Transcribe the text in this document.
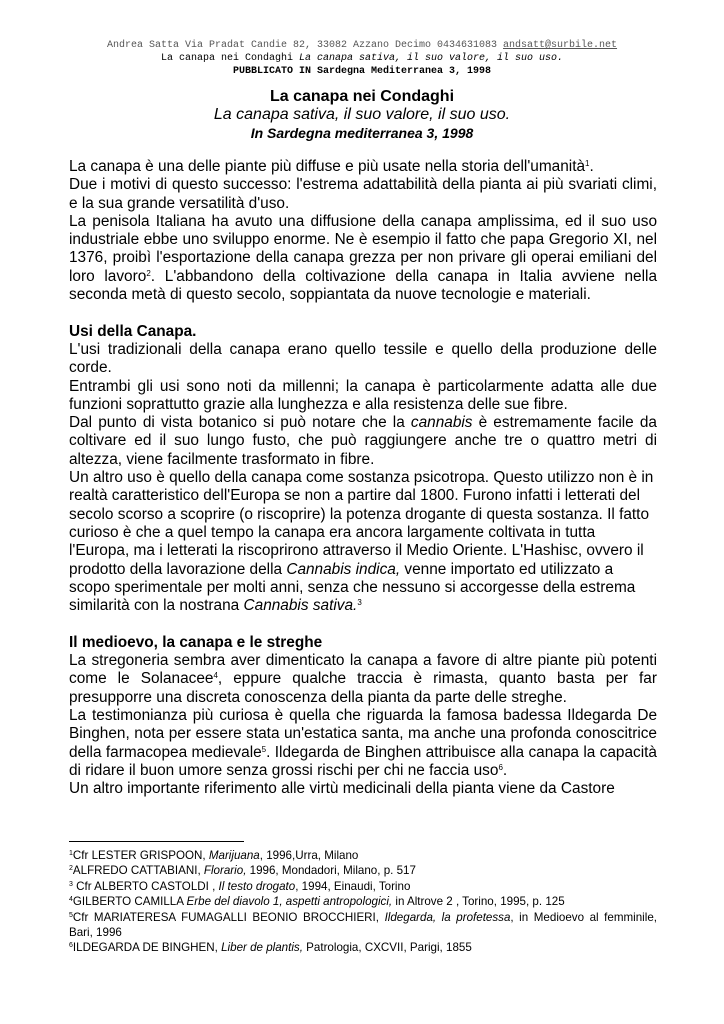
Andrea Satta Via Pradat Candie 82, 33082 Azzano Decimo 0434631083 andsatt@surbile.net
La canapa nei Condaghi La canapa sativa, il suo valore, il suo uso.
PUBBLICATO IN Sardegna Mediterranea 3, 1998
La canapa nei Condaghi
La canapa sativa, il suo valore, il suo uso.
In Sardegna mediterranea 3, 1998

La canapa è una delle piante più diffuse e più usate nella storia dell'umanità$^1$.

Due i motivi di questo successo: l'estrema adattabilità della pianta ai più svariati climi, e la sua grande versatilità d'uso.

La penisola Italiana ha avuto una diffusione della canapa amplissima, ed il suo uso industriale ebbe uno sviluppo enorme. Ne è esempio il fatto che papa Gregorio XI, nel 1376, proibì l'esportazione della canapa grezza per non privare gli operai emiliani del loro lavoro$^2$. L'abbandono della coltivazione della canapa in Italia avviene nella seconda metà di questo secolo, soppiantata da nuove tecnologie e materiali.

Usi della Canapa.

L'usi tradizionali della canapa erano quello tessile e quello della produzione delle corde.

Entrambi gli usi sono noti da millenni; la canapa è particolarmente adatta alle due funzioni soprattutto grazie alla lunghezza e alla resistenza delle sue fibre.

Dal punto di vista botanico si può notare che la cannabis è estremamente facile da coltivare ed il suo lungo fusto, che può raggiungere anche tre o quattro metri di altezza, viene facilmente trasformato in fibre.

Un altro uso è quello della canapa come sostanza psicotropa. Questo utilizzo non è in realtà caratteristico dell'Europa se non a partire dal 1800. Furono infatti i letterati del secolo scorso a scoprire (o riscoprire) la potenza drogante di questa sostanza. Il fatto curioso è che a quel tempo la canapa era ancora largamente coltivata in tutta l'Europa, ma i letterati la riscoprirono attraverso il Medio Oriente. L'Hashisc, ovvero il prodotto della lavorazione della Cannabis indica, venne importato ed utilizzato a scopo sperimentale per molti anni, senza che nessuno si accorgesse della estrema similarità con la nostrana Cannabis sativa.$^3$

Il medioevo, la canapa e le streghe

La stregoneria sembra aver dimenticato la canapa a favore di altre piante più potenti come le Solanacee$^4$, eppure qualche traccia è rimasta, quanto basta per far presupporre una discreta conoscenza della pianta da parte delle streghe.

La testimonianza più curiosa è quella che riguarda la famosa badessa Ildegarda De Binghen, nota per essere stata un'estatica santa, ma anche una profonda conoscitrice della farmacopea medievale$^5$. Ildegarda de Binghen attribuisce alla canapa la capacità di ridare il buon umore senza grossi rischi per chi ne faccia uso$^6$.

Un altro importante riferimento alle virtù medicinali della pianta viene da Castore

$^1$Cfr LESTER GRISPOON, Marijuana, 1996,Urra, Milano

$^2$ALFREDO CATTABIANI, Florario, 1996, Mondadori, Milano, p. 517

$^3$ Cfr ALBERTO CASTOLDI , Il testo drogato, 1994, Einaudi, Torino

$^4$GILBERTO CAMILLA Erbe del diavolo 1, aspetti antropologici, in Altrove 2 , Torino, 1995, p. 125

$^5$Cfr MARIATERESA FUMAGALLI BEONIO BROCCHIERI, Ildegarda, la profetessa, in Medioevo al femminile, Bari, 1996

$^6$ILDEGARDA DE BINGHEN, Liber de plantis, Patrologia, CXCVII, Parigi, 1855
